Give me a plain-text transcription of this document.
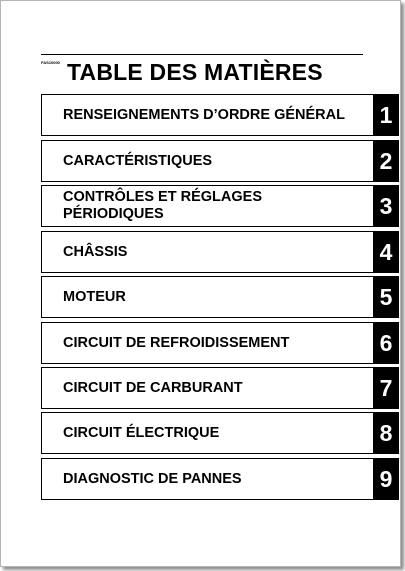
FAS10000 TABLE DES MATIÈRES
RENSEIGNEMENTS D’ORDRE GÉNÉRAL 1
CARACTÉRISTIQUES	2
CONTRÔLES ET RÉGLAGES
PÉRIODIQUES	3
CHÂSSIS	4
MOTEUR	5
CIRCUIT DE REFROIDISSEMENT	6
CIRCUIT DE CARBURANT	7
CIRCUIT ÉLECTRIQUE	8
DIAGNOSTIC DE PANNES	9
